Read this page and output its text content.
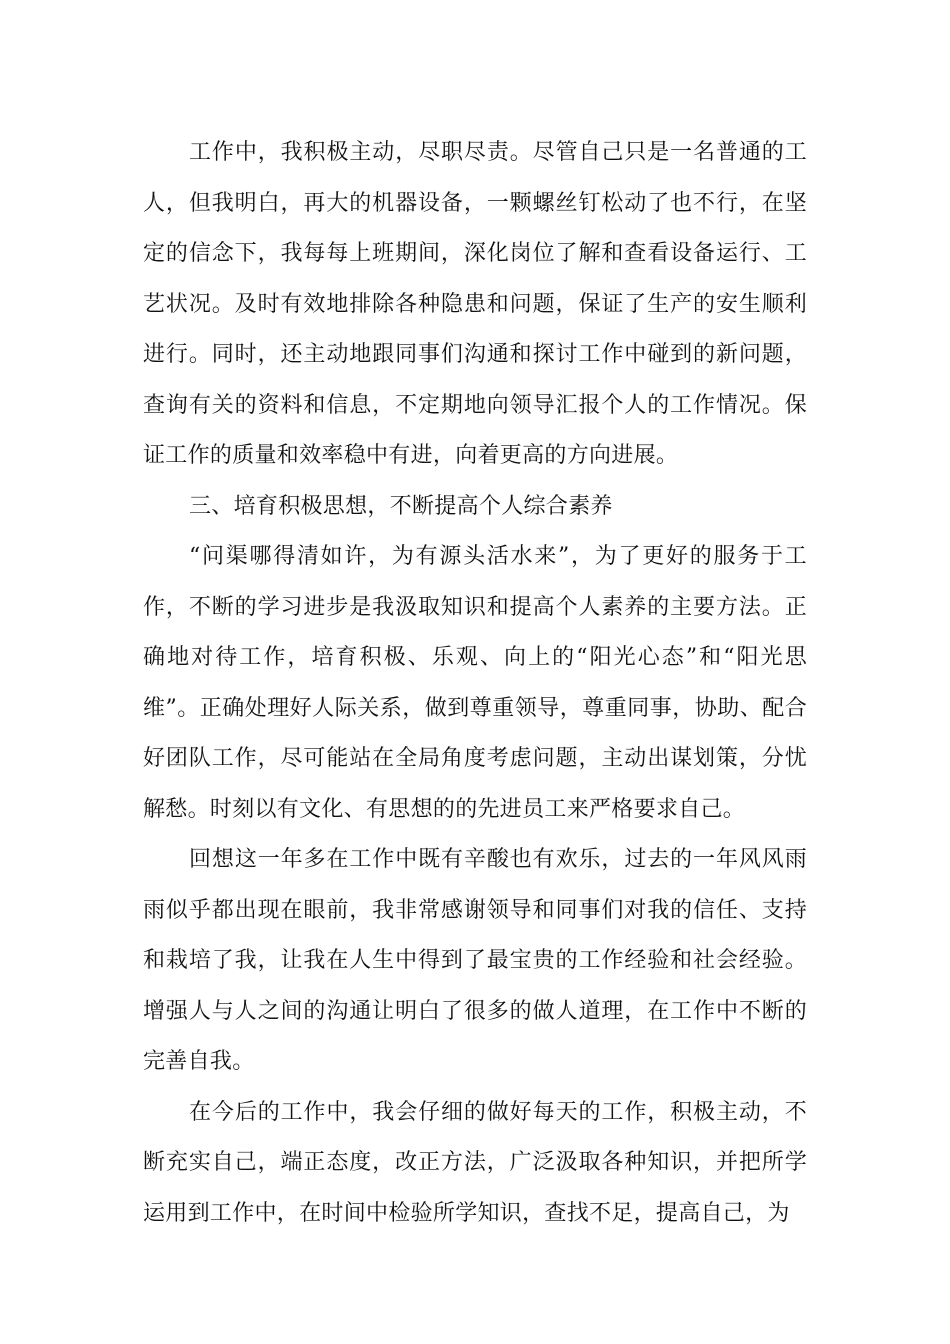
工作中，我积极主动，尽职尽责。尽管自己只是一名普通的工人，但我明白，再大的机器设备，一颗螺丝钉松动了也不行，在坚定的信念下，我每每上班期间，深化岗位了解和查看设备运行、工艺状况。及时有效地排除各种隐患和问题，保证了生产的安生顺利进行。同时，还主动地跟同事们沟通和探讨工作中碰到的新问题，查询有关的资料和信息，不定期地向领导汇报个人的工作情况。保证工作的质量和效率稳中有进，向着更高的方向进展。

三、培育积极思想，不断提高个人综合素养

“问渠哪得清如许，为有源头活水来”，为了更好的服务于工作，不断的学习进步是我汲取知识和提高个人素养的主要方法。正确地对待工作，培育积极、乐观、向上的“阳光心态”和“阳光思维”。正确处理好人际关系，做到尊重领导，尊重同事，协助、配合好团队工作，尽可能站在全局角度考虑问题，主动出谋划策，分忧解愁。时刻以有文化、有思想的的先进员工来严格要求自己。

回想这一年多在工作中既有辛酸也有欢乐，过去的一年风风雨雨似乎都出现在眼前，我非常感谢领导和同事们对我的信任、支持和栽培了我，让我在人生中得到了最宝贵的工作经验和社会经验。增强人与人之间的沟通让明白了很多的做人道理，在工作中不断的完善自我。

在今后的工作中，我会仔细的做好每天的工作，积极主动，不断充实自己，端正态度，改正方法，广泛汲取各种知识，并把所学运用到工作中，在时间中检验所学知识，查找不足，提高自己，为
